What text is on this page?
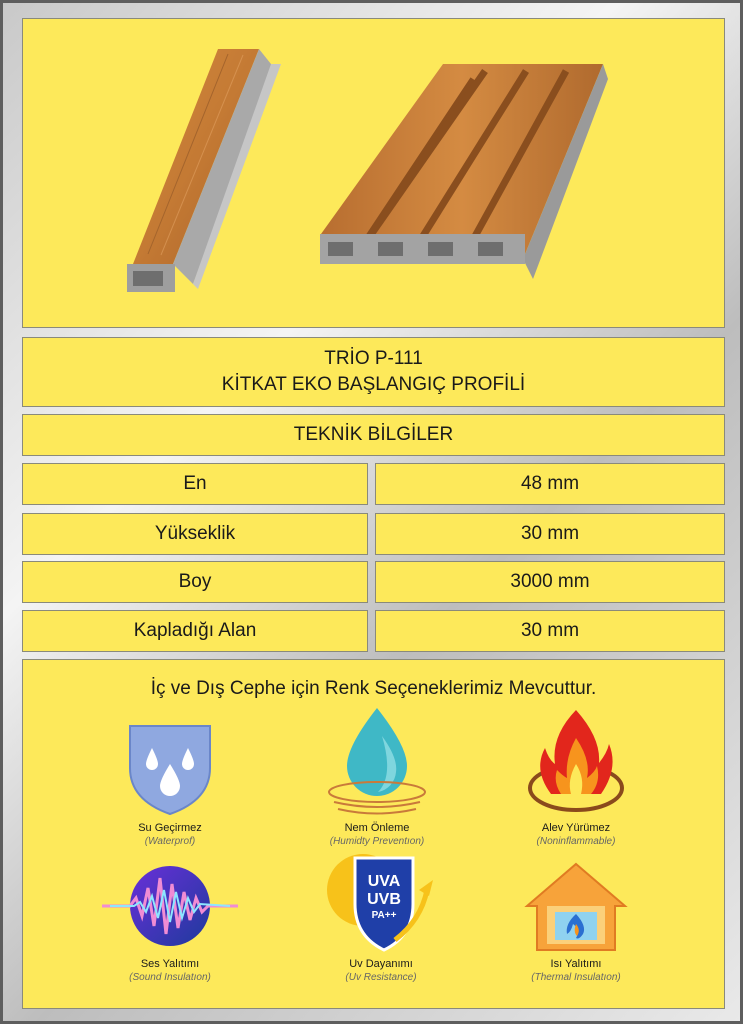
TRİO P-111
KİTKAT EKO BAŞLANGIÇ PROFİLİ
TEKNİK BİLGİLER
En	48 mm
Yükseklik	30 mm
Boy	3000 mm
Kapladığı Alan	30 mm
İç ve Dış Cephe için Renk Seçeneklerimiz Mevcuttur.
Su Geçirmez
(Waterprof)
Nem Önleme
(Humidty Preventıon)
Alev Yürümez
(Noninflammable)
Ses Yalıtımı
(Sound Insulatıon)
UVA
UVB
PA++
Uv Dayanımı
(Uv Resistance)
Isı Yalıtımı
(Thermal Insulatıon)
